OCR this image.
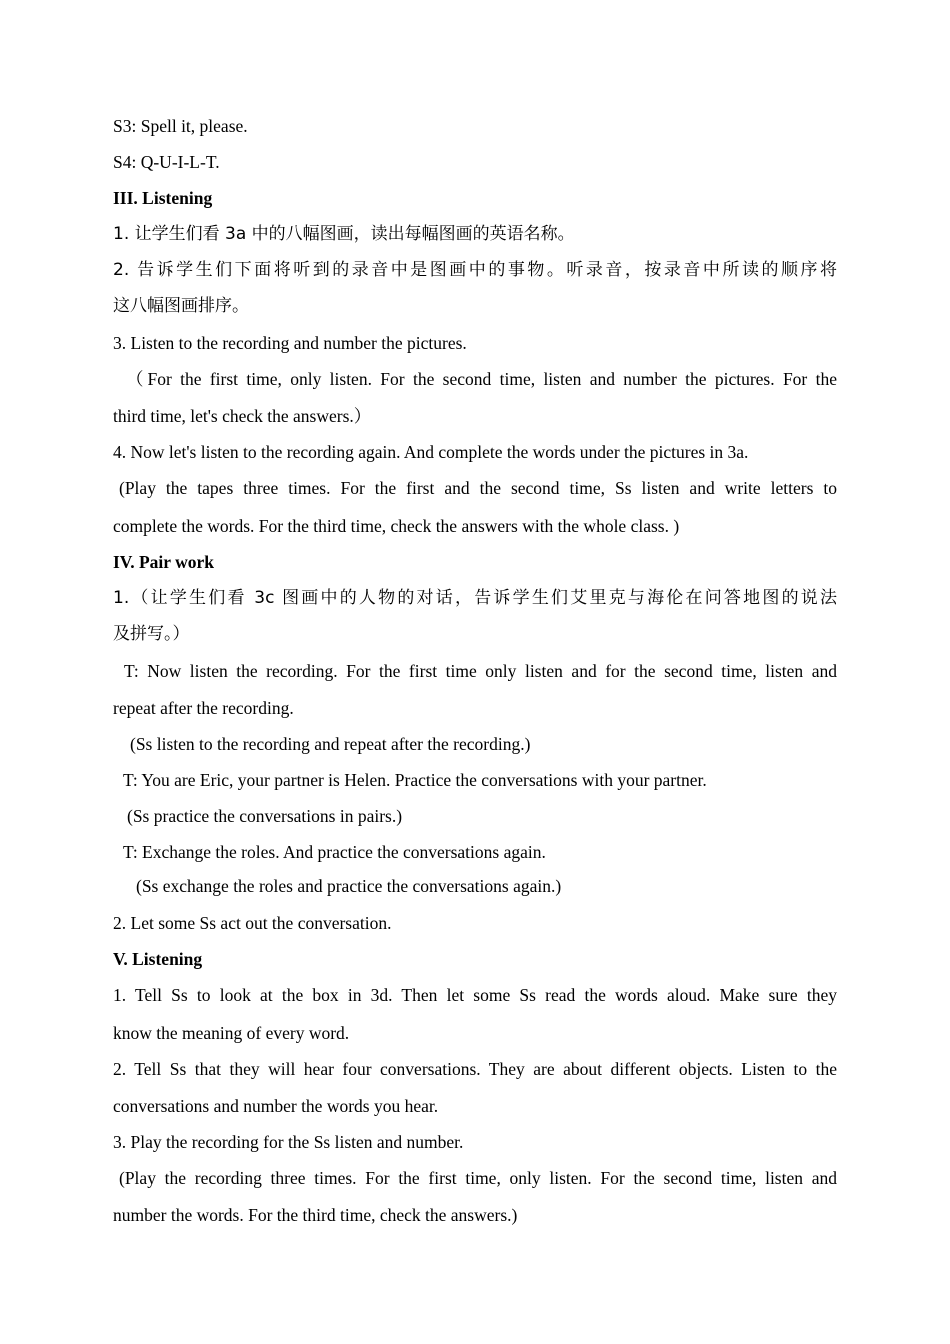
S3: Spell it, please.

S4: Q-U-I-L-T.

III. Listening

1. 让学生们看 3a 中的八幅图画，读出每幅图画的英语名称。

2. 告诉学生们下面将听到的录音中是图画中的事物。听录音，按录音中所读的顺序将

这八幅图画排序。

3. Listen to the recording and number the pictures.

（For the first time, only listen. For the second time, listen and number the pictures. For the

third time, let's check the answers.）

4. Now let's listen to the recording again. And complete the words under the pictures in 3a.

(Play the tapes three times. For the first and the second time, Ss listen and write letters to

complete the words. For the third time, check the answers with the whole class. )

IV. Pair work

1.（让学生们看 3c 图画中的人物的对话，告诉学生们艾里克与海伦在问答地图的说法

及拼写。）

T: Now listen the recording. For the first time only listen and for the second time, listen and

repeat after the recording.

(Ss listen to the recording and repeat after the recording.)

T: You are Eric, your partner is Helen. Practice the conversations with your partner.

(Ss practice the conversations in pairs.)

T: Exchange the roles. And practice the conversations again.

(Ss exchange the roles and practice the conversations again.)

2. Let some Ss act out the conversation.

V. Listening

1. Tell Ss to look at the box in 3d. Then let some Ss read the words aloud. Make sure they

know the meaning of every word.

2. Tell Ss that they will hear four conversations. They are about different objects. Listen to the

conversations and number the words you hear.

3. Play the recording for the Ss listen and number.

(Play the recording three times. For the first time, only listen. For the second time, listen and

number the words. For the third time, check the answers.)
